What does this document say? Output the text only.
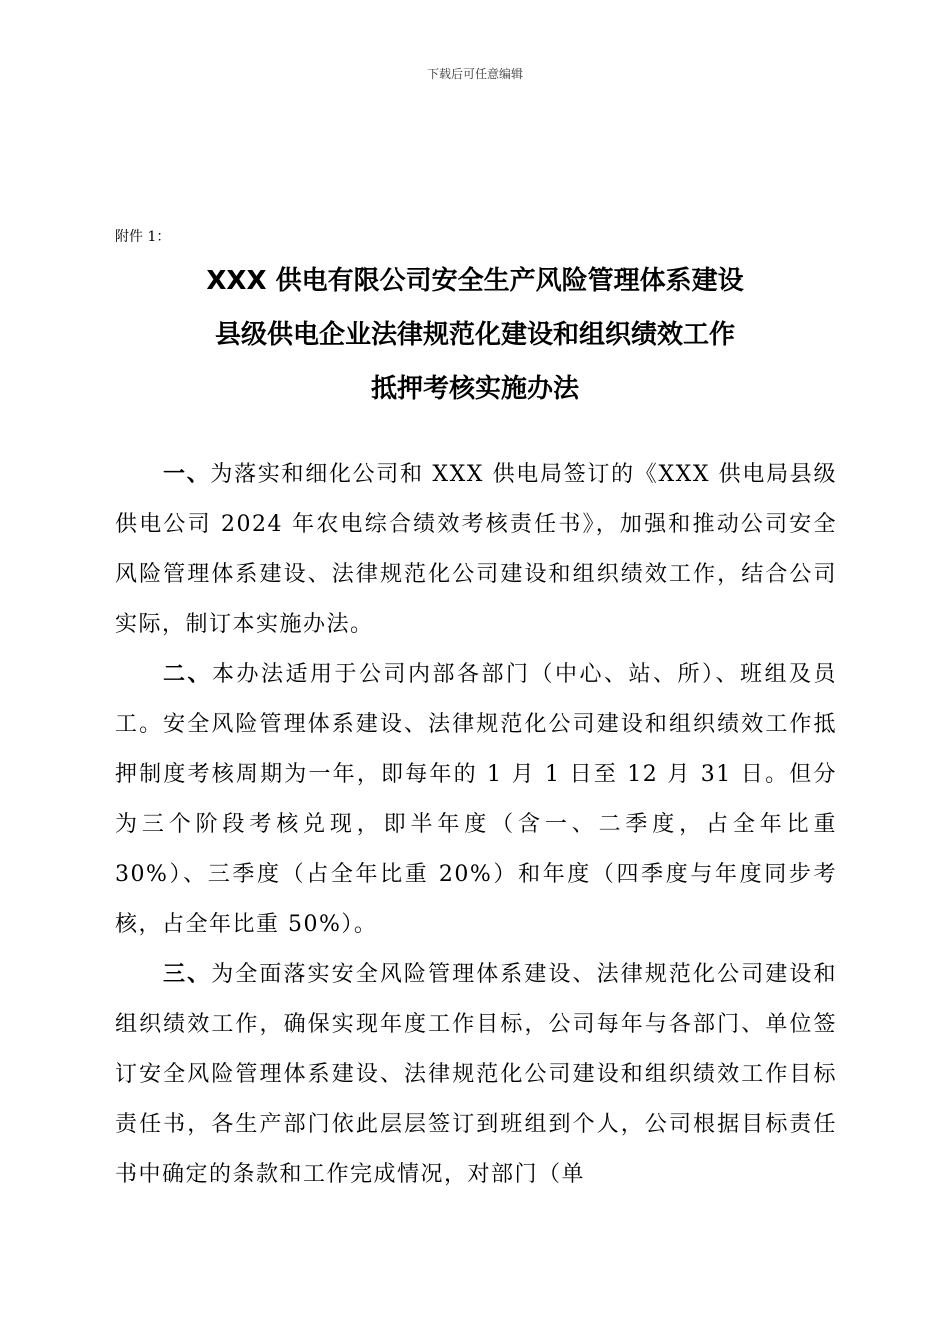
下载后可任意编辑
附件 1：
XXX 供电有限公司安全生产风险管理体系建设
县级供电企业法律规范化建设和组织绩效工作
抵押考核实施办法

一、为落实和细化公司和 XXX 供电局签订的《XXX 供电局县级供电公司 2024 年农电综合绩效考核责任书》，加强和推动公司安全风险管理体系建设、法律规范化公司建设和组织绩效工作，结合公司实际，制订本实施办法。

二、本办法适用于公司内部各部门（中心、站、所）、班组及员工。安全风险管理体系建设、法律规范化公司建设和组织绩效工作抵押制度考核周期为一年，即每年的 1 月 1 日至 12 月 31 日。但分为三个阶段考核兑现，即半年度（含一、二季度，占全年比重 30%）、三季度（占全年比重 20%）和年度（四季度与年度同步考核，占全年比重 50%）。

三、为全面落实安全风险管理体系建设、法律规范化公司建设和组织绩效工作，确保实现年度工作目标，公司每年与各部门、单位签订安全风险管理体系建设、法律规范化公司建设和组织绩效工作目标责任书，各生产部门依此层层签订到班组到个人，公司根据目标责任书中确定的条款和工作完成情况，对部门（单
